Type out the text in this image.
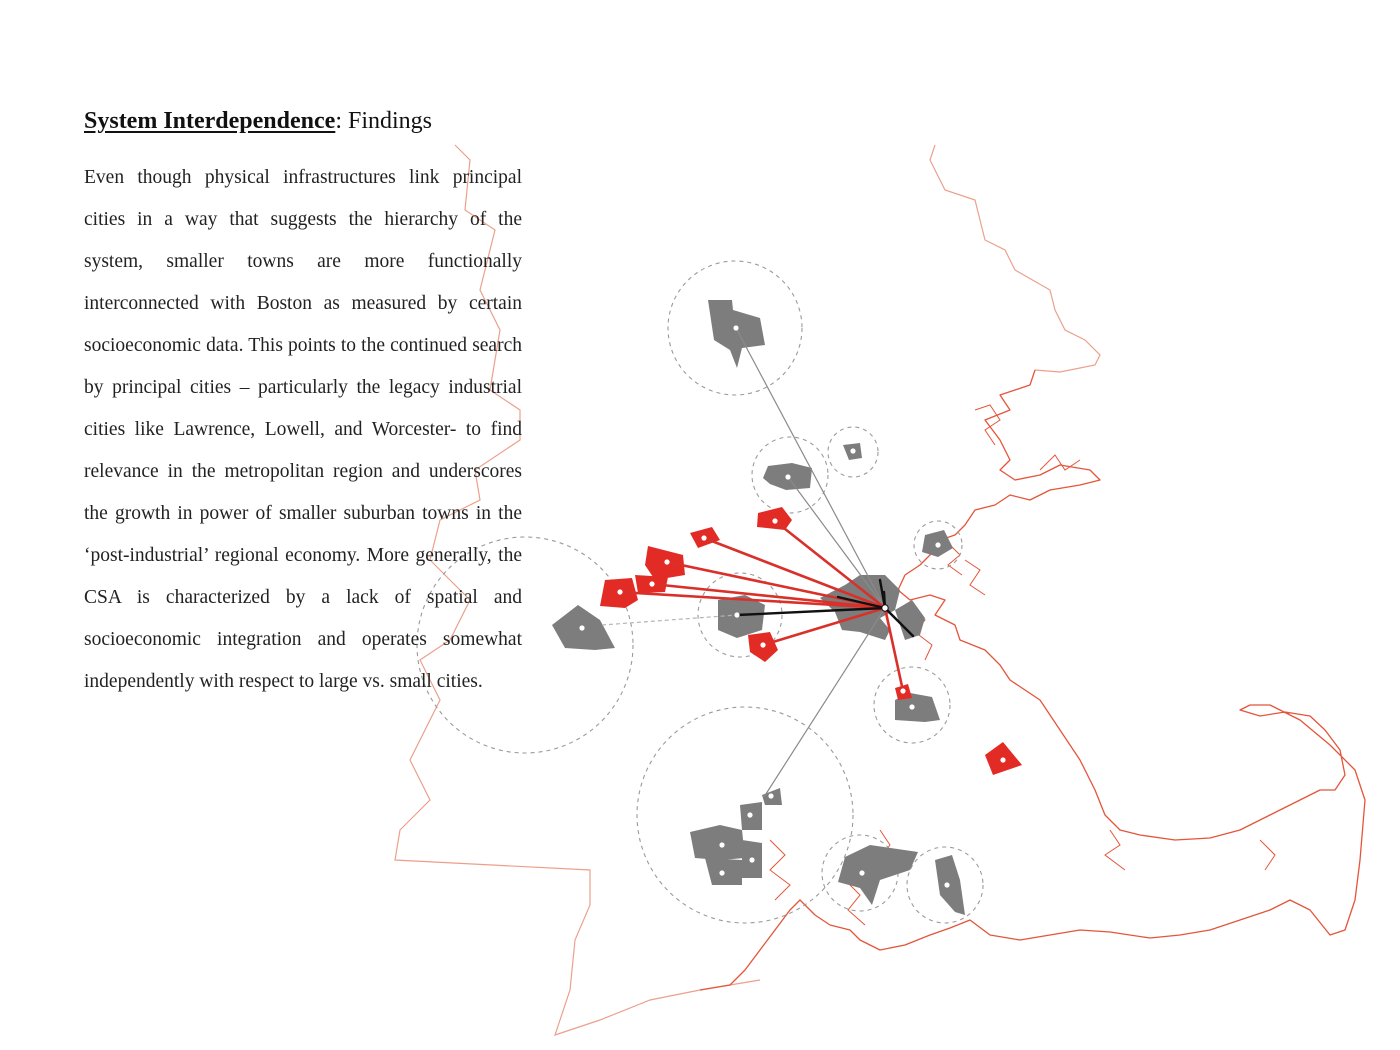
System Interdependence: Findings

Even though physical infrastructures link principal cities in a way that suggests the hierarchy of the system, smaller towns are more functionally interconnected with Boston as measured by certain socioeconomic data. This points to the continued search by principal cities – particularly the legacy industrial cities like Lawrence, Lowell, and Worcester- to find relevance in the metropolitan region and underscores the growth in power of smaller suburban towns in the ‘post-industrial’ regional economy. More generally, the CSA is characterized by a lack of spatial and socioeconomic integration and operates somewhat independently with respect to large vs. small cities.
